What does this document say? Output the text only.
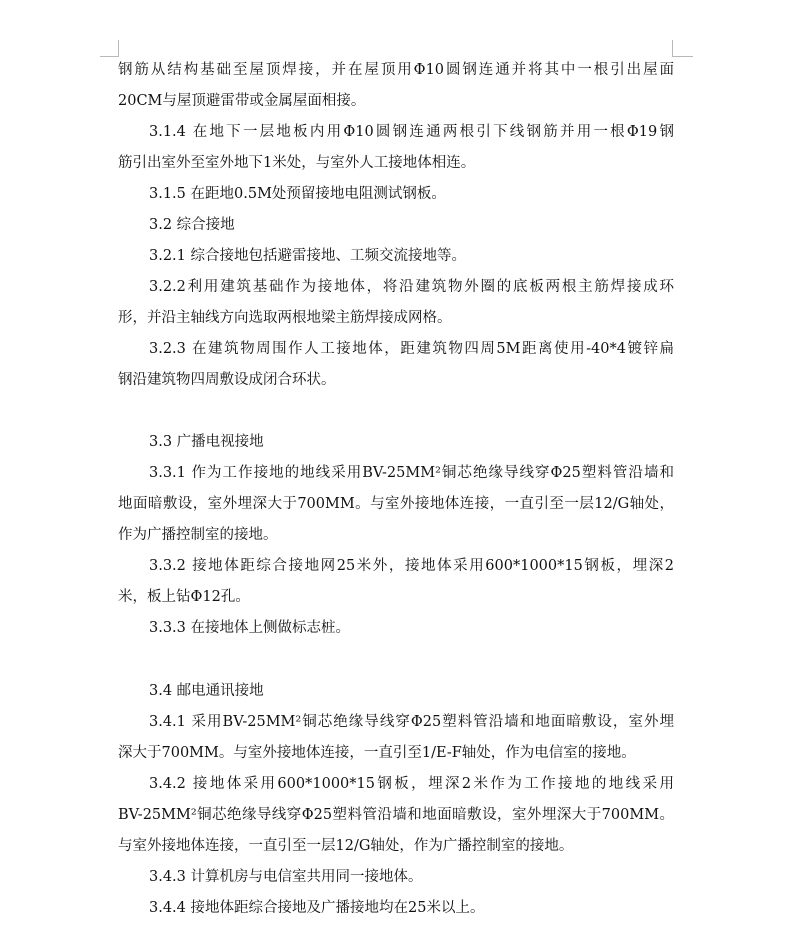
钢筋从结构基础至屋顶焊接，并在屋顶用Φ10圆钢连通并将其中一根引出屋面
20CM与屋顶避雷带或金属屋面相接。

3.1.4 在地下一层地板内用Φ10圆钢连通两根引下线钢筋并用一根Φ19钢
筋引出室外至室外地下1米处，与室外人工接地体相连。

3.1.5 在距地0.5M处预留接地电阻测试钢板。

3.2 综合接地

3.2.1 综合接地包括避雷接地、工频交流接地等。

3.2.2利用建筑基础作为接地体，将沿建筑物外圈的底板两根主筋焊接成环
形，并沿主轴线方向选取两根地梁主筋焊接成网格。

3.2.3 在建筑物周围作人工接地体，距建筑物四周5M距离使用-40*4镀锌扁
钢沿建筑物四周敷设成闭合环状。

3.3 广播电视接地

3.3.1 作为工作接地的地线采用BV-25MM²铜芯绝缘导线穿Φ25塑料管沿墙和
地面暗敷设，室外埋深大于700MM。与室外接地体连接，一直引至一层12/G轴处，
作为广播控制室的接地。

3.3.2 接地体距综合接地网25米外，接地体采用600*1000*15钢板，埋深2
米，板上钻Φ12孔。

3.3.3 在接地体上侧做标志桩。

3.4 邮电通讯接地

3.4.1 采用BV-25MM²铜芯绝缘导线穿Φ25塑料管沿墙和地面暗敷设，室外埋
深大于700MM。与室外接地体连接，一直引至1/E-F轴处，作为电信室的接地。

3.4.2 接地体采用600*1000*15钢板，埋深2米作为工作接地的地线采用
BV-25MM²铜芯绝缘导线穿Φ25塑料管沿墙和地面暗敷设，室外埋深大于700MM。
与室外接地体连接，一直引至一层12/G轴处，作为广播控制室的接地。

3.4.3 计算机房与电信室共用同一接地体。

3.4.4 接地体距综合接地及广播接地均在25米以上。
